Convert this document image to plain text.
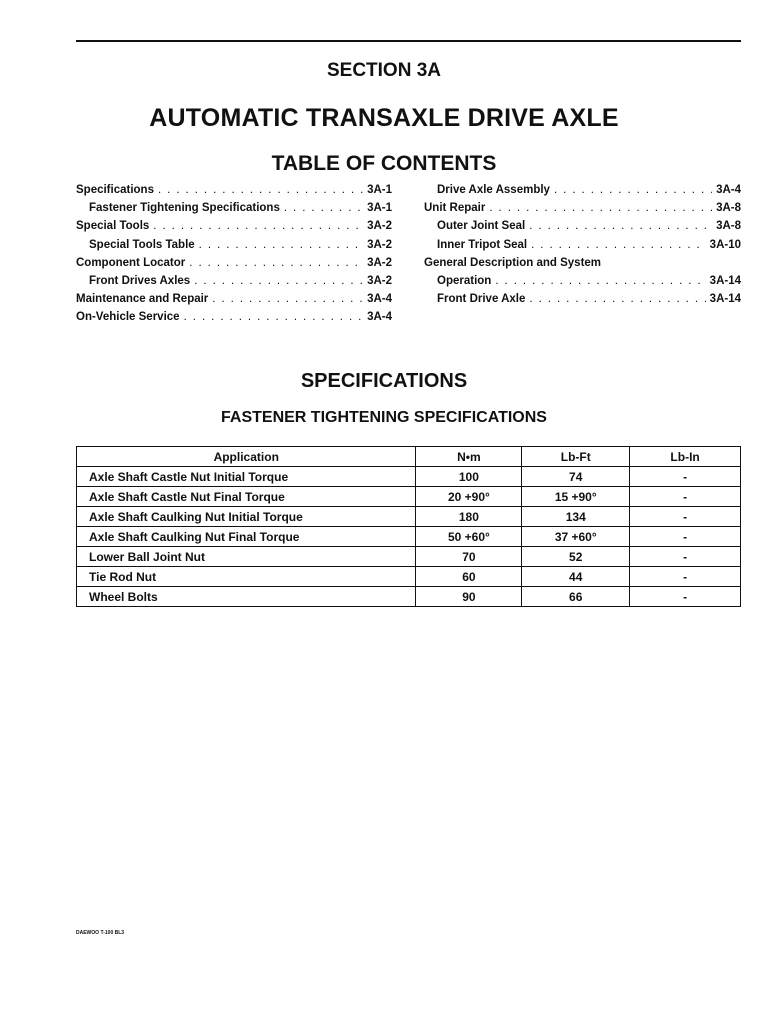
SECTION 3A
AUTOMATIC TRANSAXLE DRIVE AXLE
TABLE OF CONTENTS
Specifications . . .	3A-1
Fastener Tightening Specifications . . .	3A-1
Special Tools . . .	3A-2
Special Tools Table . . .	3A-2
Component Locator . . .	3A-2
Front Drives Axles . . .	3A-2
Maintenance and Repair . . .	3A-4
On-Vehicle Service . . .	3A-4
Drive Axle Assembly . . .	3A-4
Unit Repair . . .	3A-8
Outer Joint Seal . . .	3A-8
Inner Tripot Seal . . .	3A-10
General Description and System
Operation . . .	3A-14
Front Drive Axle . . .	3A-14
SPECIFICATIONS
FASTENER TIGHTENING SPECIFICATIONS
Application	N•m	Lb-Ft	Lb-In
Axle Shaft Castle Nut Initial Torque	100	74	-
Axle Shaft Castle Nut Final Torque	20 +90°	15 +90°	-
Axle Shaft Caulking Nut Initial Torque	180	134	-
Axle Shaft Caulking Nut Final Torque	50 +60°	37 +60°	-
Lower Ball Joint Nut	70	52	-
Tie Rod Nut	60	44	-
Wheel Bolts	90	66	-
DAEWOO T-100 BL3
